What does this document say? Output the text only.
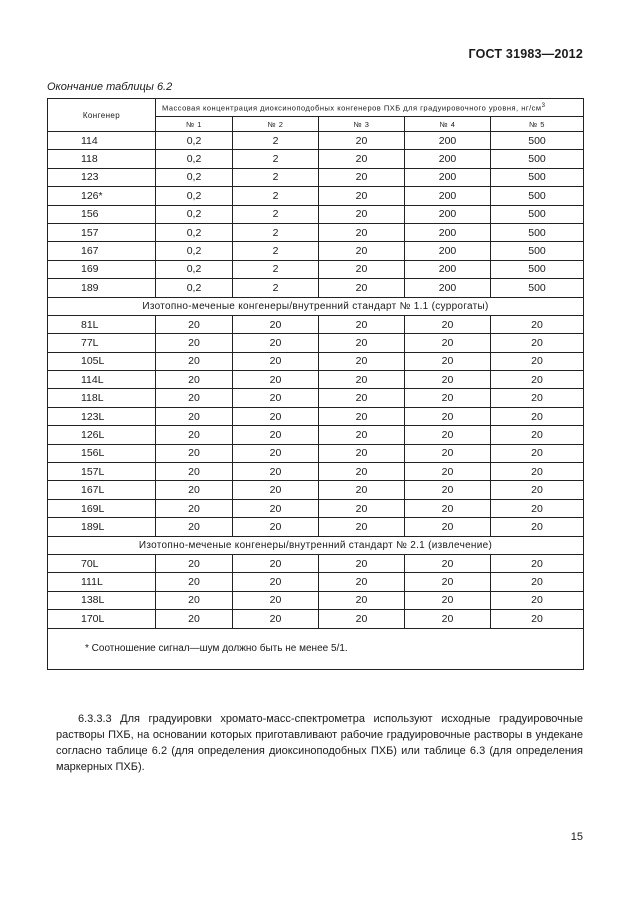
ГОСТ 31983—2012
Окончание таблицы 6.2
Конгенер	Массовая концентрация диоксиноподобных конгенеров ПХБ для градуировочного уровня, $нг/см^3$
	№ 1	№ 2	№ 3	№ 4	№ 5
114	0,2	2	20	200	500
118	0,2	2	20	200	500
123	0,2	2	20	200	500
126*	0,2	2	20	200	500
156	0,2	2	20	200	500
157	0,2	2	20	200	500
167	0,2	2	20	200	500
169	0,2	2	20	200	500
189	0,2	2	20	200	500
Изотопно-меченые конгенеры/внутренний стандарт № 1.1 (суррогаты)					
81L	20	20	20	20	20
77L	20	20	20	20	20
105L	20	20	20	20	20
114L	20	20	20	20	20
118L	20	20	20	20	20
123L	20	20	20	20	20
126L	20	20	20	20	20
156L	20	20	20	20	20
157L	20	20	20	20	20
167L	20	20	20	20	20
169L	20	20	20	20	20
189L	20	20	20	20	20
Изотопно-меченые конгенеры/внутренний стандарт № 2.1 (извлечение)					
70L	20	20	20	20	20
111L	20	20	20	20	20
138L	20	20	20	20	20
170L	20	20	20	20	20
* Соотношение сигнал—шум должно быть не менее 5/1.					

6.3.3.3 Для градуировки хромато-масс-спектрометра используют исходные градуировочные растворы ПХБ, на основании которых приготавливают рабочие градуировочные растворы в ундекане согласно таблице 6.2 (для определения диоксиноподобных ПХБ) или таблице 6.3 (для определения маркерных ПХБ).

15
